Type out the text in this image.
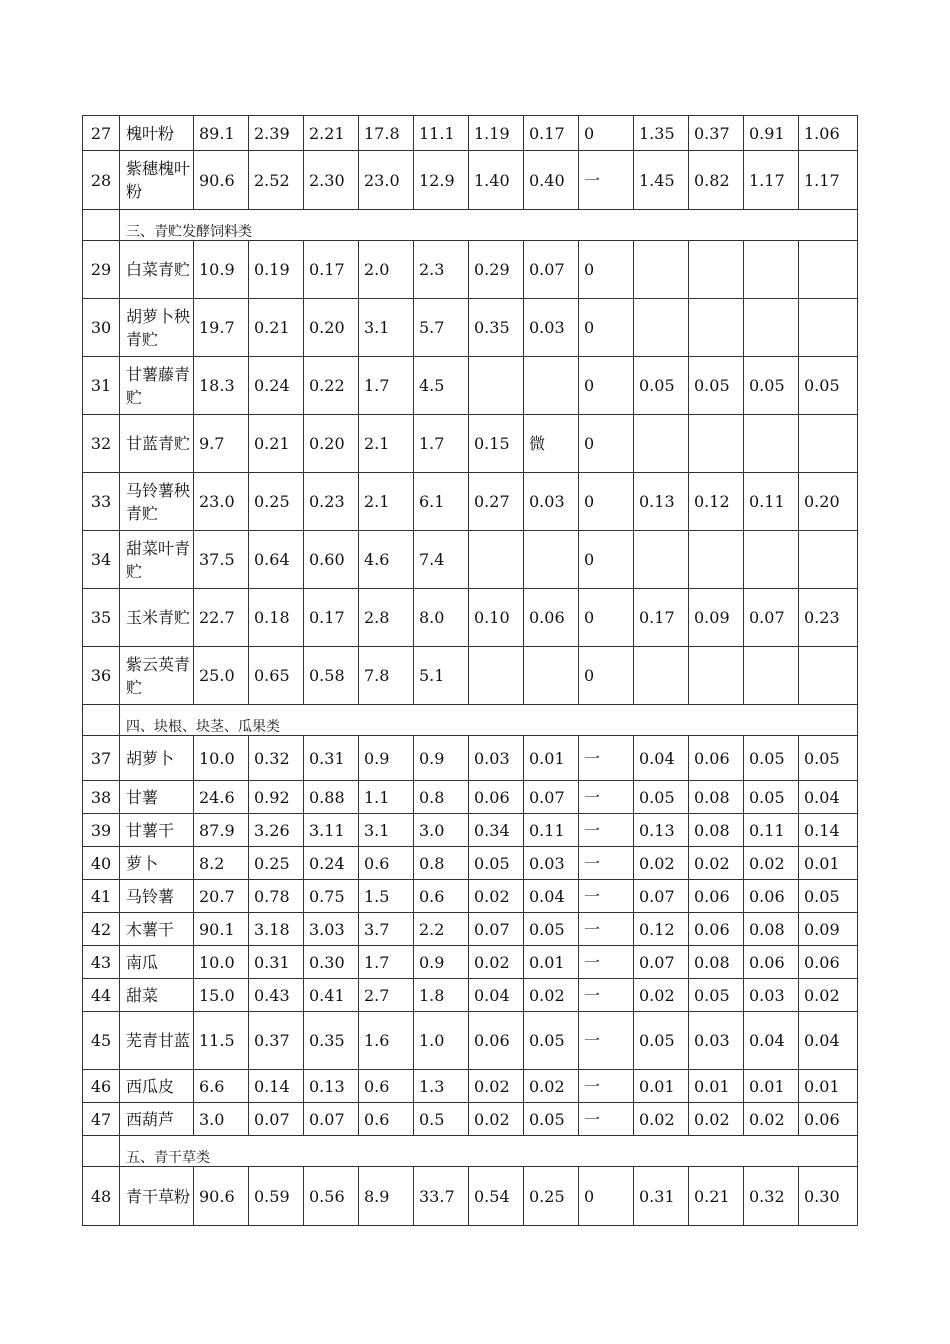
27	槐叶粉	89.1	2.39	2.21	17.8	11.1	1.19	0.17	0	1.35	0.37	0.91	1.06
28	紫穗槐叶粉	90.6	2.52	2.30	23.0	12.9	1.40	0.40	一	1.45	0.82	1.17	1.17
	三、青贮发酵饲料类												
29	白菜青贮	10.9	0.19	0.17	2.0	2.3	0.29	0.07	0				
30	胡萝卜秧青贮	19.7	0.21	0.20	3.1	5.7	0.35	0.03	0				
31	甘薯藤青贮	18.3	0.24	0.22	1.7	4.5			0	0.05	0.05	0.05	0.05
32	甘蓝青贮	9.7	0.21	0.20	2.1	1.7	0.15	微	0				
33	马铃薯秧青贮	23.0	0.25	0.23	2.1	6.1	0.27	0.03	0	0.13	0.12	0.11	0.20
34	甜菜叶青贮	37.5	0.64	0.60	4.6	7.4			0				
35	玉米青贮	22.7	0.18	0.17	2.8	8.0	0.10	0.06	0	0.17	0.09	0.07	0.23
36	紫云英青贮	25.0	0.65	0.58	7.8	5.1			0				
	四、块根、块茎、瓜果类												
37	胡萝卜	10.0	0.32	0.31	0.9	0.9	0.03	0.01	一	0.04	0.06	0.05	0.05
38	甘薯	24.6	0.92	0.88	1.1	0.8	0.06	0.07	一	0.05	0.08	0.05	0.04
39	甘薯干	87.9	3.26	3.11	3.1	3.0	0.34	0.11	一	0.13	0.08	0.11	0.14
40	萝卜	8.2	0.25	0.24	0.6	0.8	0.05	0.03	一	0.02	0.02	0.02	0.01
41	马铃薯	20.7	0.78	0.75	1.5	0.6	0.02	0.04	一	0.07	0.06	0.06	0.05
42	木薯干	90.1	3.18	3.03	3.7	2.2	0.07	0.05	一	0.12	0.06	0.08	0.09
43	南瓜	10.0	0.31	0.30	1.7	0.9	0.02	0.01	一	0.07	0.08	0.06	0.06
44	甜菜	15.0	0.43	0.41	2.7	1.8	0.04	0.02	一	0.02	0.05	0.03	0.02
45	芜青甘蓝	11.5	0.37	0.35	1.6	1.0	0.06	0.05	一	0.05	0.03	0.04	0.04
46	西瓜皮	6.6	0.14	0.13	0.6	1.3	0.02	0.02	一	0.01	0.01	0.01	0.01
47	西葫芦	3.0	0.07	0.07	0.6	0.5	0.02	0.05	一	0.02	0.02	0.02	0.06
	五、青干草类												
48	青干草粉	90.6	0.59	0.56	8.9	33.7	0.54	0.25	0	0.31	0.21	0.32	0.30
